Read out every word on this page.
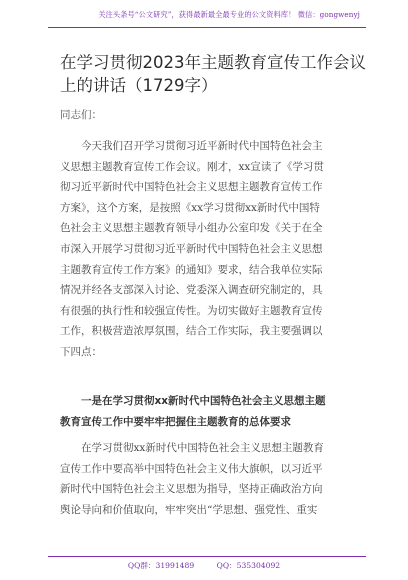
关注头条号“公文研究”，获得最新最全最专业的公文资料库！ 微信：gongwenyj
在学习贯彻2023年主题教育宣传工作会议
上的讲话（1729字）
同志们：
今天我们召开学习贯彻习近平新时代中国特色社会主
义思想主题教育宣传工作会议。刚才，xx宣读了《学习贯
彻习近平新时代中国特色社会主义思想主题教育宣传工作
方案》，这个方案，是按照《xx学习贯彻xx新时代中国特
色社会主义思想主题教育领导小组办公室印发《关于在全
市深入开展学习贯彻习近平新时代中国特色社会主义思想
主题教育宣传工作方案》的通知》要求，结合我单位实际
情况并经各支部深入讨论、党委深入调查研究制定的，具
有很强的执行性和较强宣传性。为切实做好主题教育宣传
工作，积极营造浓厚氛围，结合工作实际，我主要强调以
下四点：
一是在学习贯彻xx新时代中国特色社会主义思想主题
教育宣传工作中要牢牢把握住主题教育的总体要求
在学习贯彻xx新时代中国特色社会主义思想主题教育
宣传工作中要高举中国特色社会主义伟大旗帜，以习近平
新时代中国特色社会主义思想为指导，坚持正确政治方向
舆论导向和价值取向，牢牢突出“学思想、强党性、重实
QQ群：31991489	QQ：535304092
